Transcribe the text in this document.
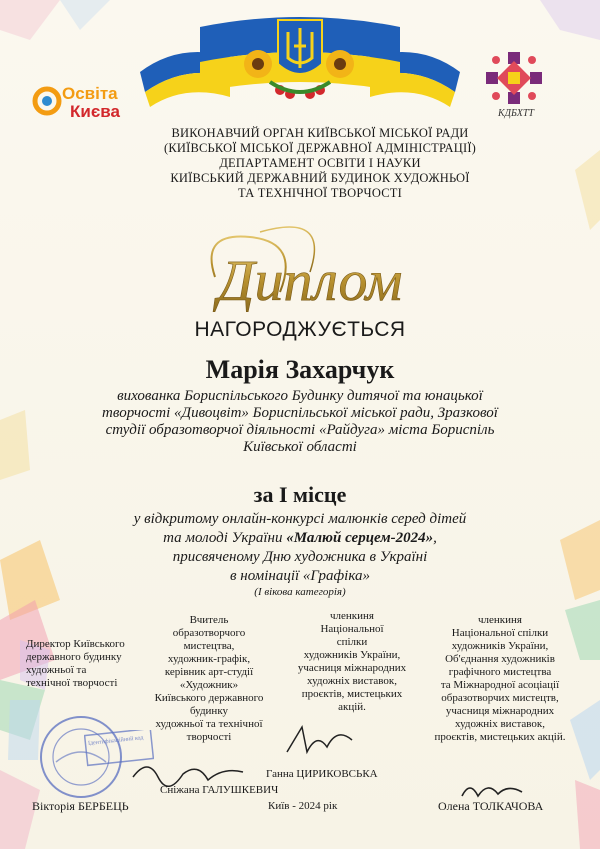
Освіта
Києва	КДБХТТ
ВИКОНАВЧИЙ ОРГАН КИЇВСЬКОЇ МІСЬКОЇ РАДИ
(КИЇВСЬКОЇ МІСЬКОЇ ДЕРЖАВНОЇ АДМІНІСТРАЦІЇ)
ДЕПАРТАМЕНТ ОСВІТИ І НАУКИ
КИЇВСЬКИЙ ДЕРЖАВНИЙ БУДИНОК ХУДОЖНЬОЇ
ТА ТЕХНІЧНОЇ ТВОРЧОСТІ
Диплом
НАГОРОДЖУЄТЬСЯ
Марія Захарчук
вихованка Бориспільського Будинку дитячої та юнацької
творчості «Дивоцвіт» Бориспільської міської ради, Зразкової
студії образотворчої діяльності «Райдуга» міста Бориспіль
Київської області
за І місце
у відкритому онлайн-конкурсі малюнків серед дітей
та молоді України «Малюй серцем-2024»,
присвяченому Дню художника в Україні
в номінації «Графіка»
(І вікова категорія)
Директор Київського
державного будинку
художньої та
технічної творчості
Вчитель
образотворчого
мистецтва,
художник-графік,
керівник арт-студії
«Художник»
Київського державного
будинку
художньої та технічної
творчості
членкиня
Національної
спілки
художників України,
учасниця міжнародних
художніх виставок,
проєктів, мистецьких
акцій.
членкиня
Національної спілки
художників України,
Об'єднання художників
графічного мистецтва
та Міжнародної асоціації
образотворчих мистецтв,
учасниця міжнародних
художніх виставок,
проєктів, мистецьких акцій.
Ідентифікаційний код
Ганна ЦИРИКОВСЬКА
Сніжана ГАЛУШКЕВИЧ
Вікторія БЕРБЕЦЬ	Київ - 2024 рік	Олена ТОЛКАЧОВА
